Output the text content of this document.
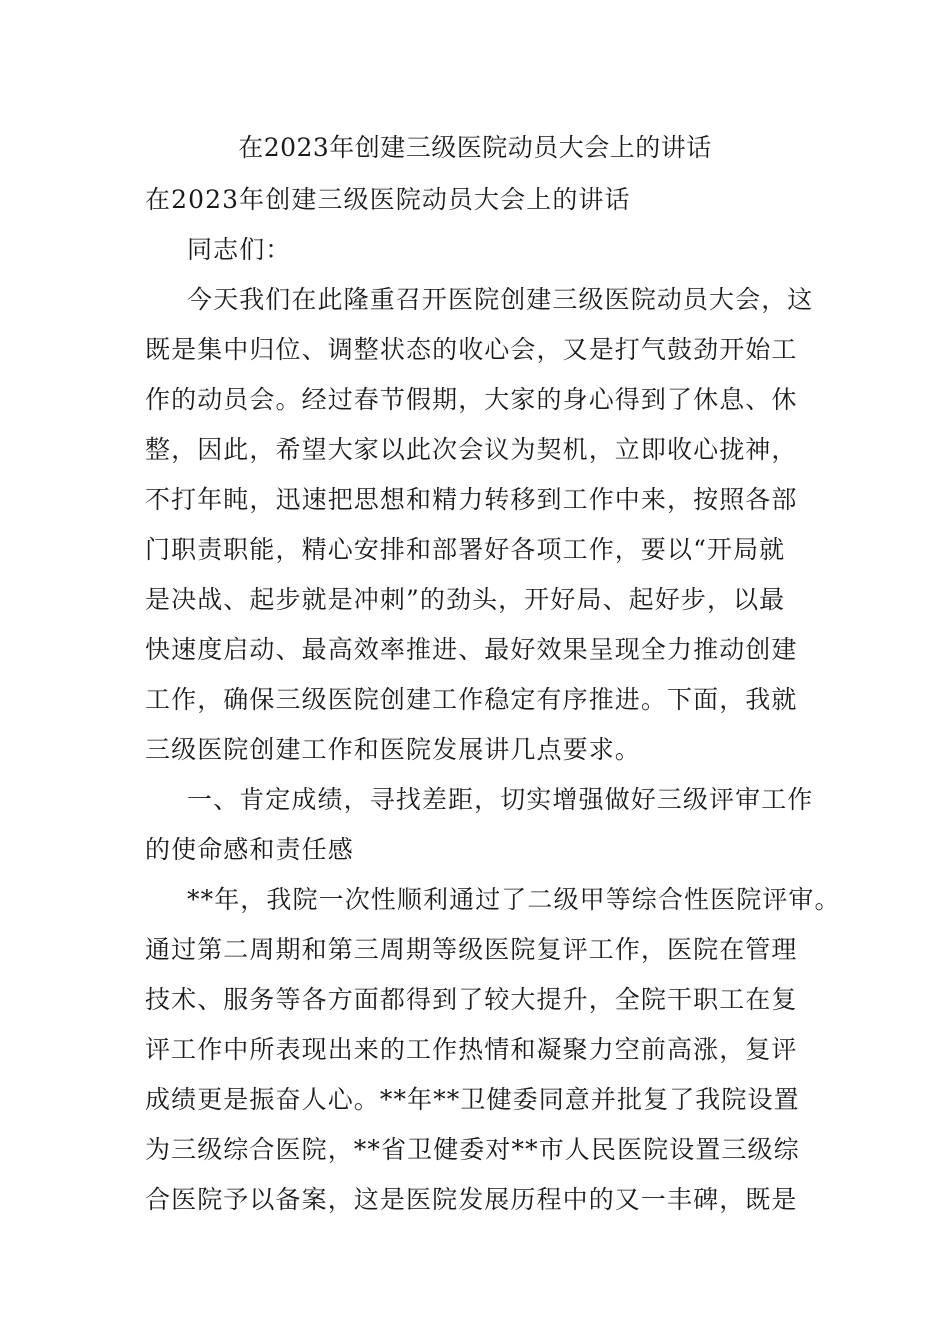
在2023年创建三级医院动员大会上的讲话
在2023年创建三级医院动员大会上的讲话
同志们：
今天我们在此隆重召开医院创建三级医院动员大会，这
既是集中归位、调整状态的收心会，又是打气鼓劲开始工
作的动员会。经过春节假期，大家的身心得到了休息、休
整，因此，希望大家以此次会议为契机，立即收心拢神，
不打年盹，迅速把思想和精力转移到工作中来，按照各部
门职责职能，精心安排和部署好各项工作，要以“开局就
是决战、起步就是冲刺”的劲头，开好局、起好步，以最
快速度启动、最高效率推进、最好效果呈现全力推动创建
工作，确保三级医院创建工作稳定有序推进。下面，我就
三级医院创建工作和医院发展讲几点要求。
一、肯定成绩，寻找差距，切实增强做好三级评审工作
的使命感和责任感
**年，我院一次性顺利通过了二级甲等综合性医院评审。
通过第二周期和第三周期等级医院复评工作，医院在管理
技术、服务等各方面都得到了较大提升，全院干职工在复
评工作中所表现出来的工作热情和凝聚力空前高涨，复评
成绩更是振奋人心。**年**卫健委同意并批复了我院设置
为三级综合医院，**省卫健委对**市人民医院设置三级综
合医院予以备案，这是医院发展历程中的又一丰碑，既是
